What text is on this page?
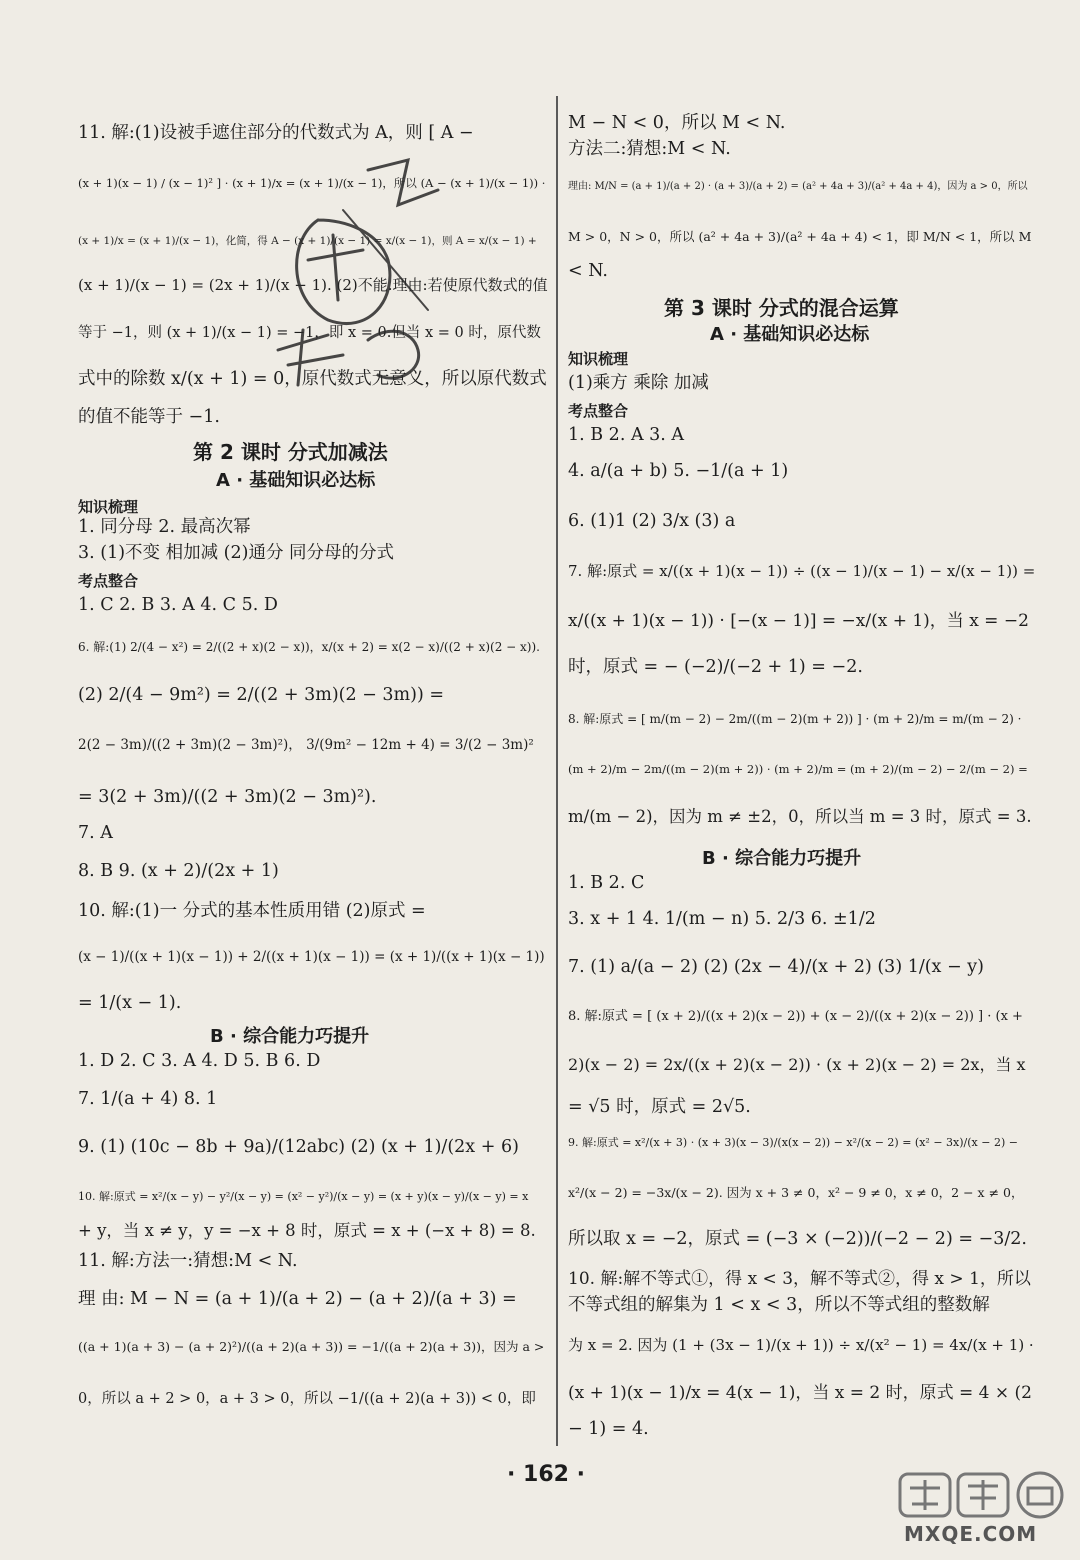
11. 解:(1)设被手遮住部分的代数式为 A，则 [ A −
(x + 1)(x − 1) / (x − 1)² ] · (x + 1)/x = (x + 1)/(x − 1)，所以 (A − (x + 1)/(x − 1)) ·
(x + 1)/x = (x + 1)/(x − 1)，化简，得 A − (x + 1)/(x − 1) = x/(x − 1)，则 A = x/(x − 1) +
(x + 1)/(x − 1) = (2x + 1)/(x − 1). (2)不能.理由:若使原代数式的值
等于 −1，则 (x + 1)/(x − 1) = −1，即 x = 0.但当 x = 0 时，原代数
式中的除数 x/(x + 1) = 0，原代数式无意义，所以原代数式
的值不能等于 −1.
第 2 课时 分式加减法
A · 基础知识必达标
知识梳理
1. 同分母 2. 最高次幂
3. (1)不变 相加减 (2)通分 同分母的分式
考点整合
1. C 2. B 3. A 4. C 5. D
6. 解:(1) 2/(4 − x²) = 2/((2 + x)(2 − x))，x/(x + 2) = x(2 − x)/((2 + x)(2 − x)).
(2) 2/(4 − 9m²) = 2/((2 + 3m)(2 − 3m)) =
2(2 − 3m)/((2 + 3m)(2 − 3m)²)， 3/(9m² − 12m + 4) = 3/(2 − 3m)²
= 3(2 + 3m)/((2 + 3m)(2 − 3m)²).
7. A
8. B 9. (x + 2)/(2x + 1)
10. 解:(1)一 分式的基本性质用错 (2)原式 =
(x − 1)/((x + 1)(x − 1)) + 2/((x + 1)(x − 1)) = (x + 1)/((x + 1)(x − 1))
= 1/(x − 1).
B · 综合能力巧提升
1. D 2. C 3. A 4. D 5. B 6. D
7. 1/(a + 4) 8. 1
9. (1) (10c − 8b + 9a)/(12abc) (2) (x + 1)/(2x + 6)
10. 解:原式 = x²/(x − y) − y²/(x − y) = (x² − y²)/(x − y) = (x + y)(x − y)/(x − y) = x
+ y，当 x ≠ y，y = −x + 8 时，原式 = x + (−x + 8) = 8.
11. 解:方法一:猜想:M < N.
理 由: M − N = (a + 1)/(a + 2) − (a + 2)/(a + 3) =
((a + 1)(a + 3) − (a + 2)²)/((a + 2)(a + 3)) = −1/((a + 2)(a + 3))，因为 a >
0，所以 a + 2 > 0，a + 3 > 0，所以 −1/((a + 2)(a + 3)) < 0，即
M − N < 0，所以 M < N.
方法二:猜想:M < N.
理由: M/N = (a + 1)/(a + 2) · (a + 3)/(a + 2) = (a² + 4a + 3)/(a² + 4a + 4)，因为 a > 0，所以
M > 0，N > 0，所以 (a² + 4a + 3)/(a² + 4a + 4) < 1，即 M/N < 1，所以 M
< N.
第 3 课时 分式的混合运算
A · 基础知识必达标
知识梳理
(1)乘方 乘除 加减
考点整合
1. B 2. A 3. A
4. a/(a + b) 5. −1/(a + 1)
6. (1)1 (2) 3/x (3) a
7. 解:原式 = x/((x + 1)(x − 1)) ÷ ((x − 1)/(x − 1) − x/(x − 1)) =
x/((x + 1)(x − 1)) · [−(x − 1)] = −x/(x + 1)，当 x = −2
时，原式 = − (−2)/(−2 + 1) = −2.
8. 解:原式 = [ m/(m − 2) − 2m/((m − 2)(m + 2)) ] · (m + 2)/m = m/(m − 2) ·
(m + 2)/m − 2m/((m − 2)(m + 2)) · (m + 2)/m = (m + 2)/(m − 2) − 2/(m − 2) =
m/(m − 2)，因为 m ≠ ±2，0，所以当 m = 3 时，原式 = 3.
B · 综合能力巧提升
1. B 2. C
3. x + 1 4. 1/(m − n) 5. 2/3 6. ±1/2
7. (1) a/(a − 2) (2) (2x − 4)/(x + 2) (3) 1/(x − y)
8. 解:原式 = [ (x + 2)/((x + 2)(x − 2)) + (x − 2)/((x + 2)(x − 2)) ] · (x +
2)(x − 2) = 2x/((x + 2)(x − 2)) · (x + 2)(x − 2) = 2x，当 x
= √5 时，原式 = 2√5.
9. 解:原式 = x²/(x + 3) · (x + 3)(x − 3)/(x(x − 2)) − x²/(x − 2) = (x² − 3x)/(x − 2) −
x²/(x − 2) = −3x/(x − 2). 因为 x + 3 ≠ 0，x² − 9 ≠ 0，x ≠ 0，2 − x ≠ 0，
所以取 x = −2，原式 = (−3 × (−2))/(−2 − 2) = −3/2.
10. 解:解不等式①，得 x < 3，解不等式②，得 x > 1，所以
不等式组的解集为 1 < x < 3，所以不等式组的整数解
为 x = 2. 因为 (1 + (3x − 1)/(x + 1)) ÷ x/(x² − 1) = 4x/(x + 1) ·
(x + 1)(x − 1)/x = 4(x − 1)，当 x = 2 时，原式 = 4 × (2
− 1) = 4.
· 162 ·
MXQE.COM
